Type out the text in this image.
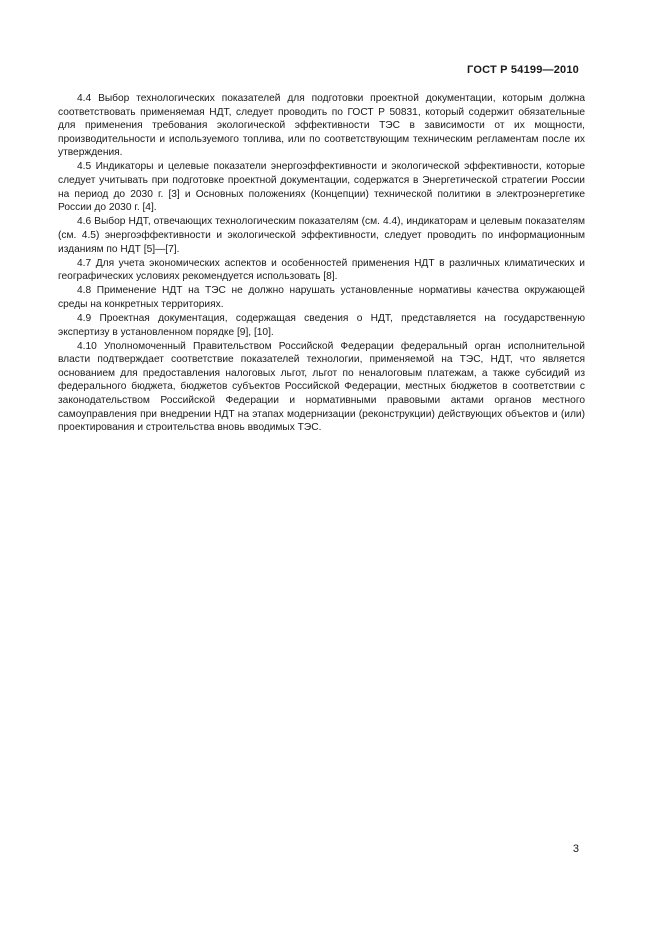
ГОСТ Р 54199—2010

4.4 Выбор технологических показателей для подготовки проектной документации, которым должна соответствовать применяемая НДТ, следует проводить по ГОСТ Р 50831, который содержит обязательные для применения требования экологической эффективности ТЭС в зависимости от их мощности, производительности и используемого топлива, или по соответствующим техническим регламентам после их утверждения.

4.5 Индикаторы и целевые показатели энергоэффективности и экологической эффективности, которые следует учитывать при подготовке проектной документации, содержатся в Энергетической стратегии России на период до 2030 г. [3] и Основных положениях (Концепции) технической политики в электроэнергетике России до 2030 г. [4].

4.6 Выбор НДТ, отвечающих технологическим показателям (см. 4.4), индикаторам и целевым показателям (см. 4.5) энергоэффективности и экологической эффективности, следует проводить по информационным изданиям по НДТ [5]—[7].

4.7 Для учета экономических аспектов и особенностей применения НДТ в различных климатических и географических условиях рекомендуется использовать [8].

4.8 Применение НДТ на ТЭС не должно нарушать установленные нормативы качества окружающей среды на конкретных территориях.

4.9 Проектная документация, содержащая сведения о НДТ, представляется на государственную экспертизу в установленном порядке [9], [10].

4.10 Уполномоченный Правительством Российской Федерации федеральный орган исполнительной власти подтверждает соответствие показателей технологии, применяемой на ТЭС, НДТ, что является основанием для предоставления налоговых льгот, льгот по неналоговым платежам, а также субсидий из федерального бюджета, бюджетов субъектов Российской Федерации, местных бюджетов в соответствии с законодательством Российской Федерации и нормативными правовыми актами органов местного самоуправления при внедрении НДТ на этапах модернизации (реконструкции) действующих объектов и (или) проектирования и строительства вновь вводимых ТЭС.

3
